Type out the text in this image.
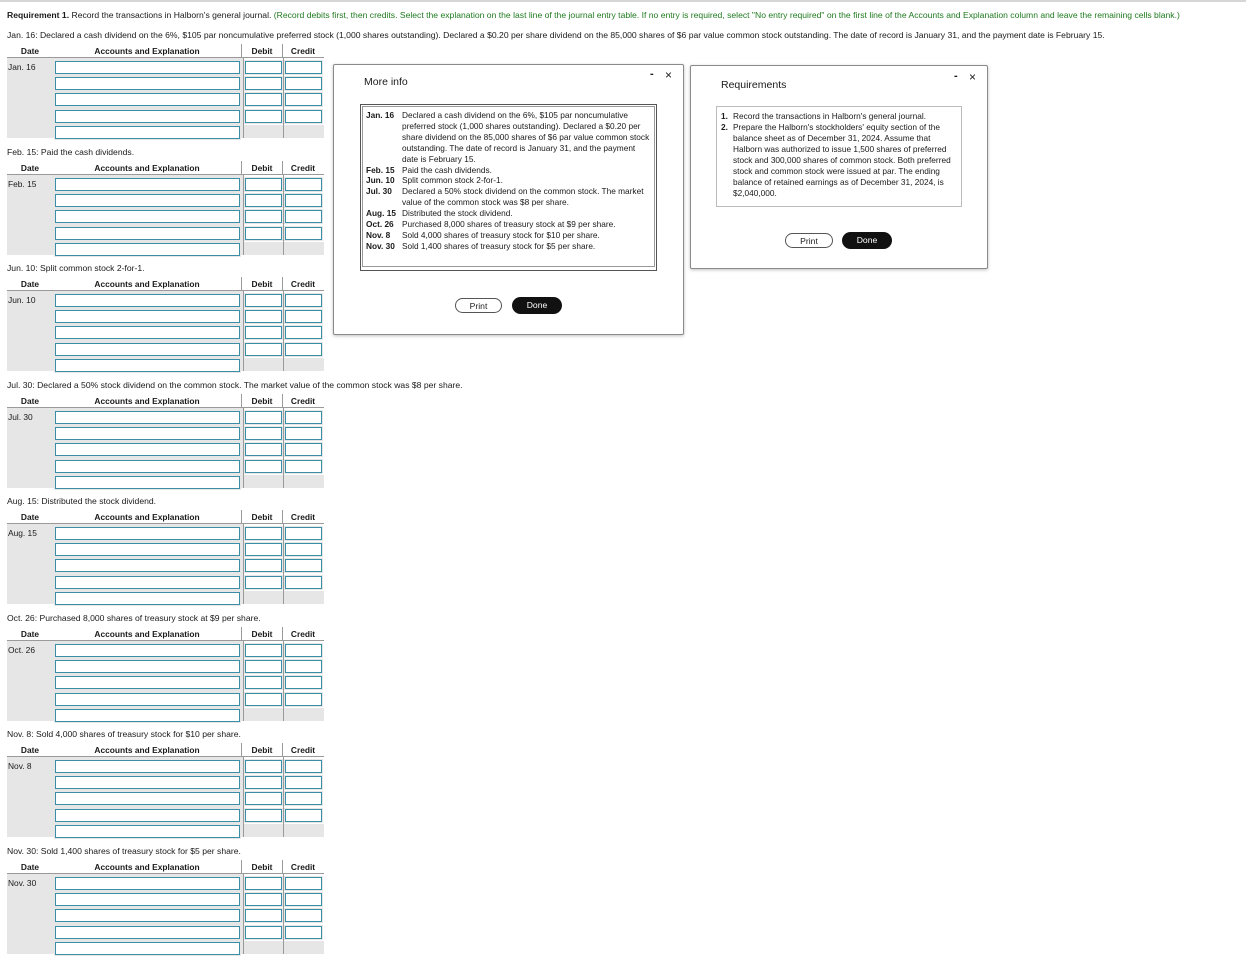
Requirement 1. Record the transactions in Halborn's general journal. (Record debits first, then credits. Select the explanation on the last line of the journal entry table. If no entry is required, select "No entry required" on the first line of the Accounts and Explanation column and leave the remaining cells blank.)
Jan. 16: Declared a cash dividend on the 6%, $105 par noncumulative preferred stock (1,000 shares outstanding). Declared a $0.20 per share dividend on the 85,000 shares of $6 par value common stock outstanding. The date of record is January 31, and the payment date is February 15.
Date	Accounts and Explanation	Debit	Credit
Jan. 16
Feb. 15: Paid the cash dividends.
Date	Accounts and Explanation	Debit	Credit
Feb. 15
Jun. 10: Split common stock 2-for-1.
Date	Accounts and Explanation	Debit	Credit
Jun. 10
Jul. 30: Declared a 50% stock dividend on the common stock. The market value of the common stock was $8 per share.
Date	Accounts and Explanation	Debit	Credit
Jul. 30
Aug. 15: Distributed the stock dividend.
Date	Accounts and Explanation	Debit	Credit
Aug. 15
Oct. 26: Purchased 8,000 shares of treasury stock at $9 per share.
Date	Accounts and Explanation	Debit	Credit
Oct. 26
Nov. 8: Sold 4,000 shares of treasury stock for $10 per share.
Date	Accounts and Explanation	Debit	Credit
Nov. 8
Nov. 30: Sold 1,400 shares of treasury stock for $5 per share.
Date	Accounts and Explanation	Debit	Credit
Nov. 30
More info
- ×
Jan. 16 Declared a cash dividend on the 6%, $105 par noncumulative preferred stock (1,000 shares outstanding). Declared a $0.20 per share dividend on the 85,000 shares of $6 par value common stock outstanding. The date of record is January 31, and the payment date is February 15.
Feb. 15 Paid the cash dividends.
Jun. 10 Split common stock 2-for-1.
Jul. 30	Declared a 50% stock dividend on the common stock. The market value of the common stock was $8 per share.
Aug. 15 Distributed the stock dividend.
Oct. 26	Purchased 8,000 shares of treasury stock at $9 per share.
Nov. 8	Sold 4,000 shares of treasury stock for $10 per share.
Nov. 30 Sold 1,400 shares of treasury stock for $5 per share.
Print	Done
Requirements
- ×
1. Record the transactions in Halborn's general journal.
2. Prepare the Halborn's stockholders' equity section of the balance sheet as of December 31, 2024. Assume that Halborn was authorized to issue 1,500 shares of preferred stock and 300,000 shares of common stock. Both preferred stock and common stock were issued at par. The ending balance of retained earnings as of December 31, 2024, is $2,040,000.
Print	Done
